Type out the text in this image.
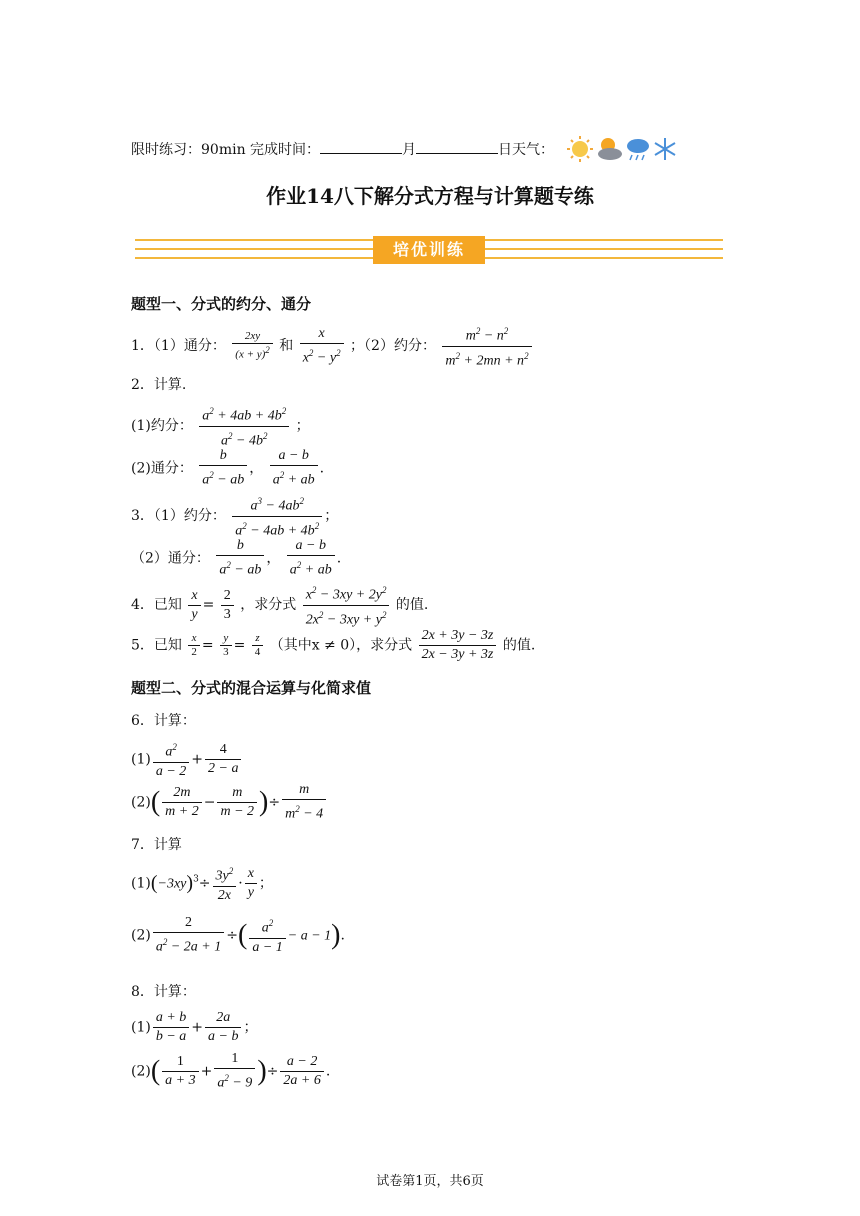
限时练习：90min 完成时间：	月	日天气：
作业14八下解分式方程与计算题专练
培优训练
题型一、分式的约分、通分
1．（1）通分： $\frac{2xy}{(x + y)^2}$ 和 $\frac{x}{x^2 - y^2}$ ；（2）约分： $\frac{m^2 - n^2}{m^2 + 2mn + n^2}$
2．计算.
(1)约分： $\frac{a^2 + 4ab + 4b^2}{a^2 - 4b^2}$ ；
(2)通分： $\frac{b}{a^2 - ab}$ ， $\frac{a - b}{a^2 + ab}$ .
3．（1）约分： $\frac{a^3 - 4ab^2}{a^2 - 4ab + 4b^2}$ ；
（2）通分： $\frac{b}{a^2 - ab}$ ， $\frac{a - b}{a^2 + ab}$ .
4．已知 $\frac{x}{y} = \frac{2}{3}$ ，求分式 $\frac{x^2 - 3xy + 2y^2}{2x^2 - 3xy + y^2}$ 的值.
5．已知 $\frac{x}{2} = \frac{y}{3} = \frac{z}{4}$ （其中x ≠ 0），求分式 $\frac{2x + 3y - 3z}{2x - 3y + 3z}$ 的值.
题型二、分式的混合运算与化简求值
6．计算：
$(1) \frac{a^2}{a - 2} + \frac{4}{2 - a}$
$(2)( \frac{2m}{m + 2} - \frac{m}{m - 2}$ )÷ $\frac{m}{m^2 - 4}$
7．计算
$(1)(-3xy)^3\div \frac{3y^2}{2x} \cdot \frac{x}{y}$ ；
$(2) \frac{2}{a^2 - 2a + 1}$ ÷( $\frac{a^2}{a - 1} - a - 1$).
8．计算：
$(1) \frac{a + b}{b - a} + \frac{2a}{a - b}$ ；
$(2)( \frac{1}{a + 3} + \frac{1}{a^2 - 9}$ )÷ $\frac{a - 2}{2a + 6}$ .
试卷第1页，共6页
